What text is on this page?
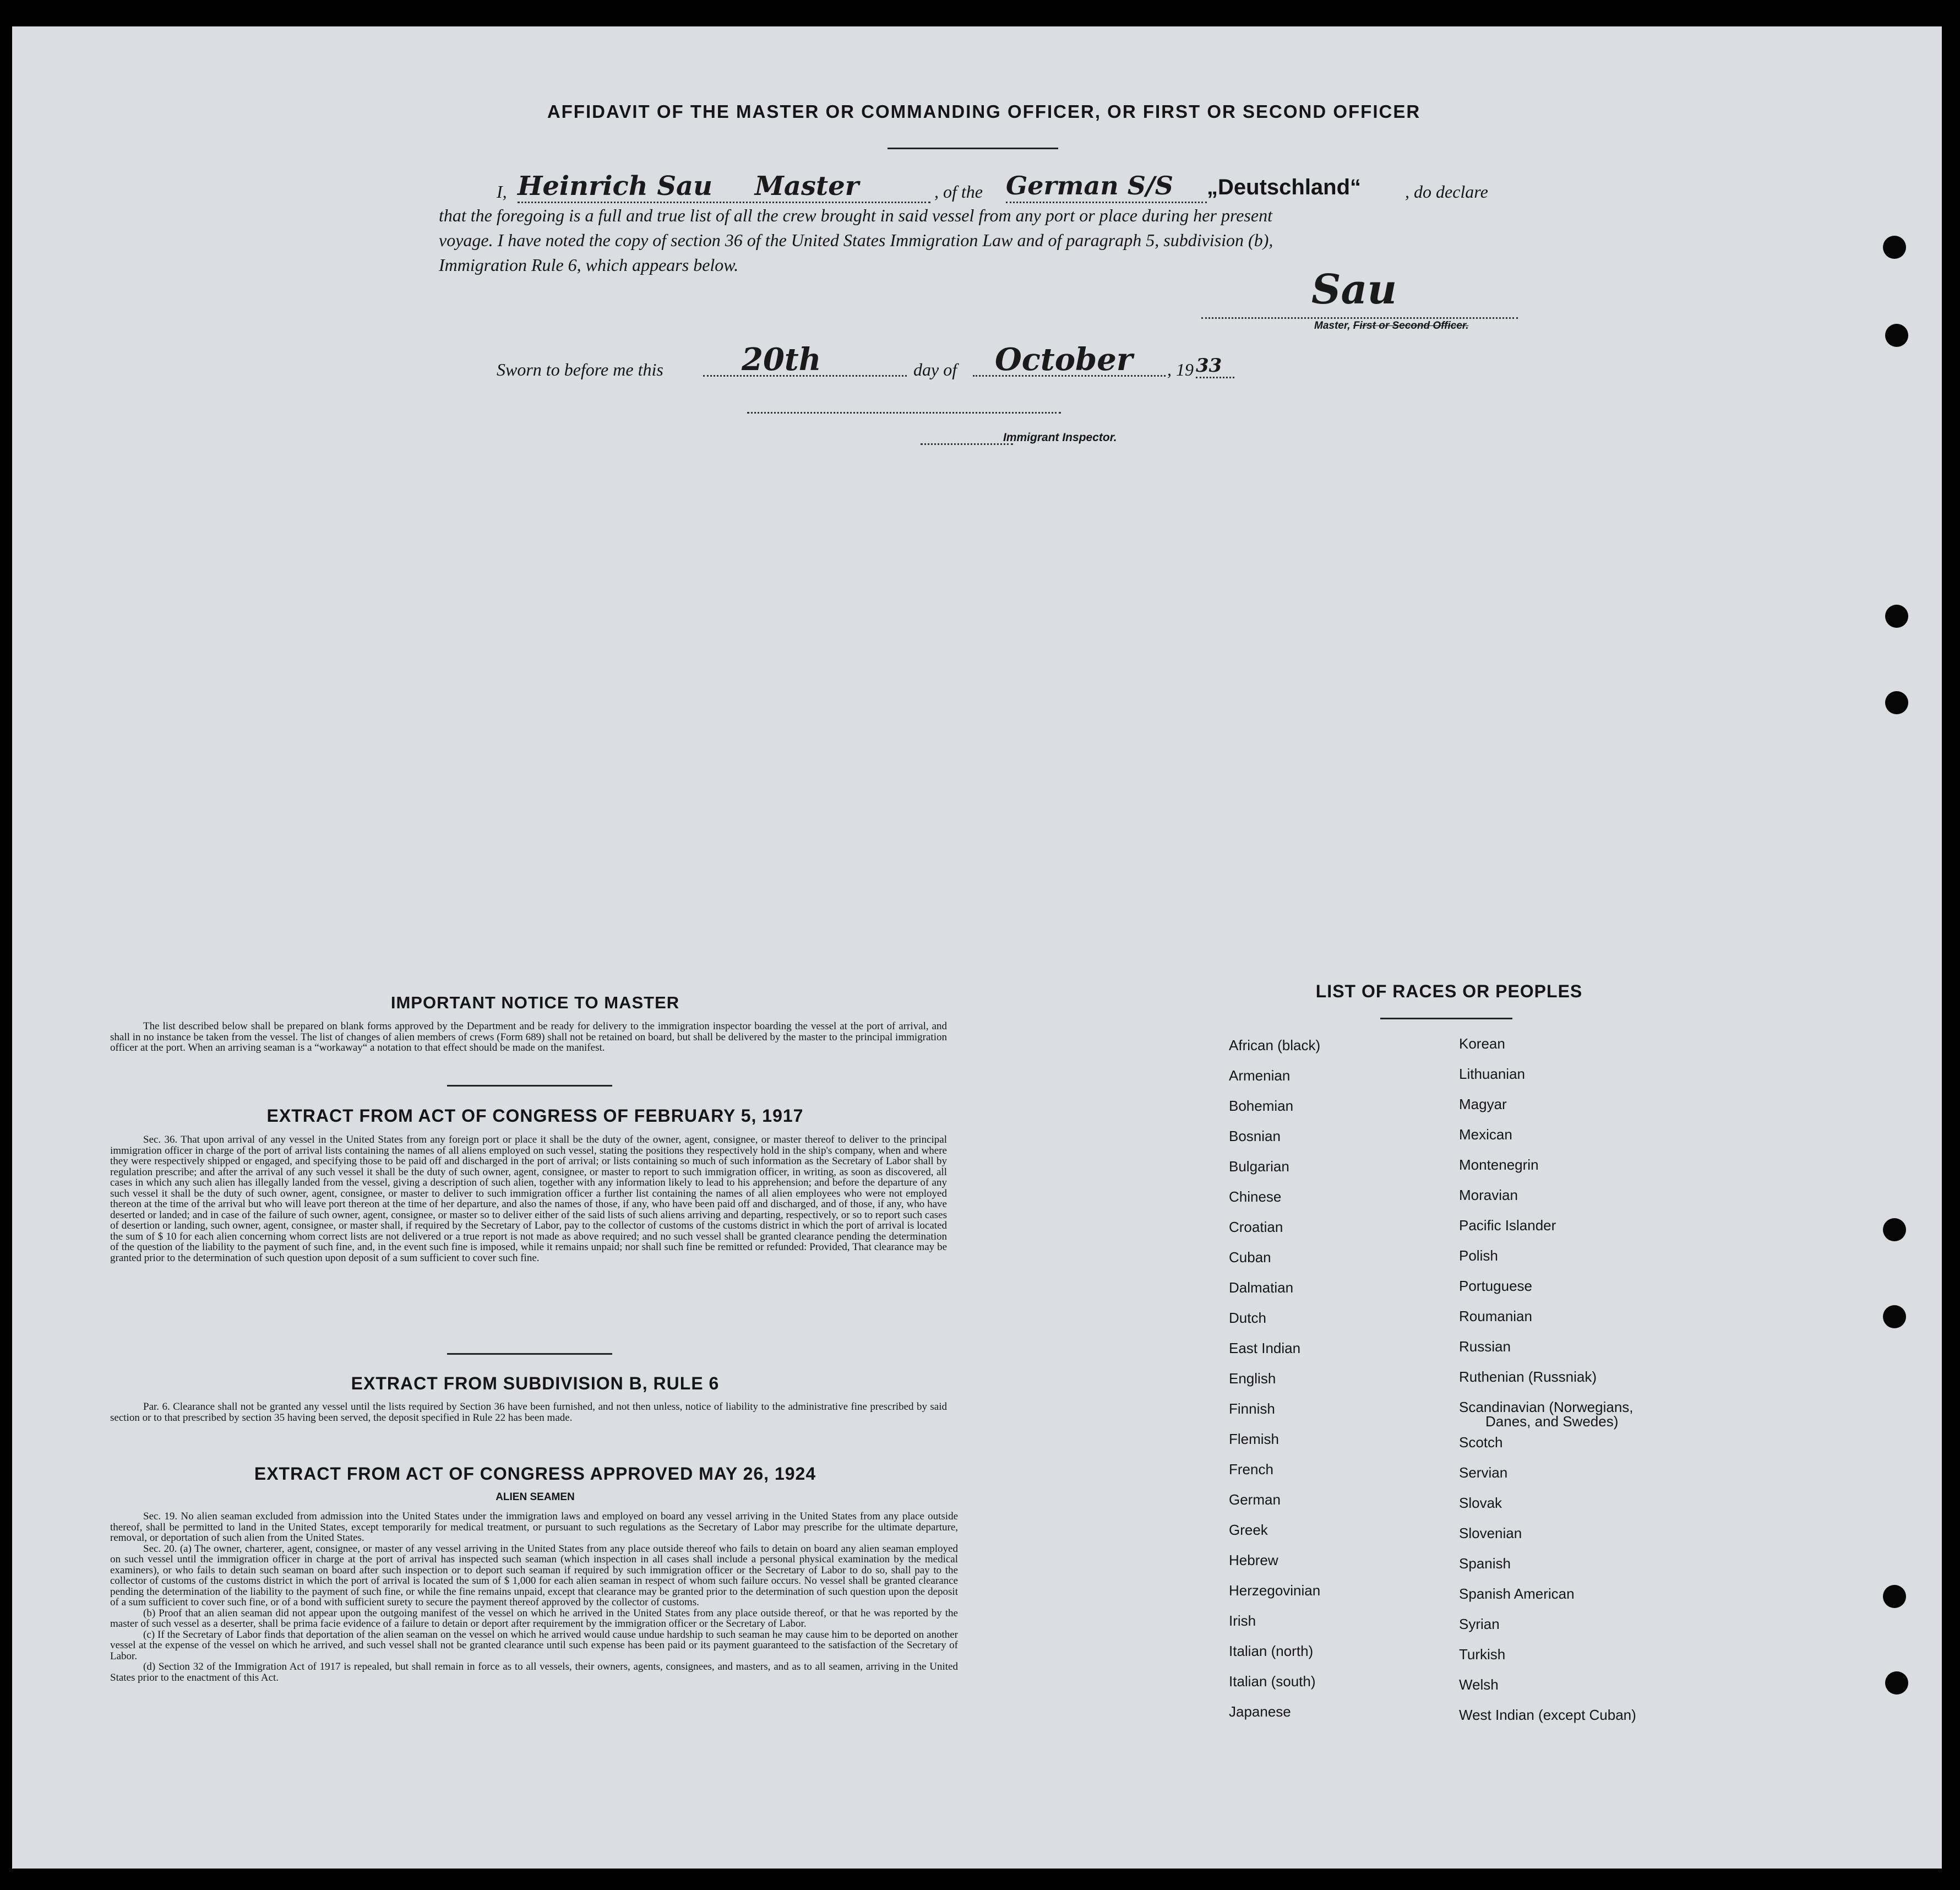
AFFIDAVIT OF THE MASTER OR COMMANDING OFFICER, OR FIRST OR SECOND OFFICER
I, Heinrich Sau Master	, of the German S/S	„Deutschland“ , do declare
that the foregoing is a full and true list of all the crew brought in said vessel from any port or place during her present
voyage. I have noted the copy of section 36 of the United States Immigration Law and of paragraph 5, subdivision (b),
Immigration Rule 6, which appears below.
Sau
Master, First or Second Officer.
Sworn to before me this	20th	day of	October	, 19 33
Immigrant Inspector.
IMPORTANT NOTICE TO MASTER
The list described below shall be prepared on blank forms approved by the Department and be ready for delivery to the immigration inspector boarding the vessel at the port of arrival, and shall in no instance be taken from the vessel. The list of changes of alien members of crews (Form 689) shall not be retained on board, but shall be delivered by the master to the principal immigration officer at the port. When an arriving seaman is a “workaway“ a notation to that effect should be made on the manifest.
EXTRACT FROM ACT OF CONGRESS OF FEBRUARY 5, 1917
Sec. 36. That upon arrival of any vessel in the United States from any foreign port or place it shall be the duty of the owner, agent, consignee, or master thereof to deliver to the principal immigration officer in charge of the port of arrival lists containing the names of all aliens employed on such vessel, stating the positions they respectively hold in the ship's company, when and where they were respectively shipped or engaged, and specifying those to be paid off and discharged in the port of arrival; or lists containing so much of such information as the Secretary of Labor shall by regulation prescribe; and after the arrival of any such vessel it shall be the duty of such owner, agent, consignee, or master to report to such immigration officer, in writing, as soon as discovered, all cases in which any such alien has illegally landed from the vessel, giving a description of such alien, together with any information likely to lead to his apprehension; and before the departure of any such vessel it shall be the duty of such owner, agent, consignee, or master to deliver to such immigration officer a further list containing the names of all alien employees who were not employed thereon at the time of the arrival but who will leave port thereon at the time of her departure, and also the names of those, if any, who have been paid off and discharged, and of those, if any, who have deserted or landed; and in case of the failure of such owner, agent, consignee, or master so to deliver either of the said lists of such aliens arriving and departing, respectively, or so to report such cases of desertion or landing, such owner, agent, consignee, or master shall, if required by the Secretary of Labor, pay to the collector of customs of the customs district in which the port of arrival is located the sum of $ 10 for each alien concerning whom correct lists are not delivered or a true report is not made as above required; and no such vessel shall be granted clearance pending the determination of the question of the liability to the payment of such fine, and, in the event such fine is imposed, while it remains unpaid; nor shall such fine be remitted or refunded: Provided, That clearance may be granted prior to the determination of such question upon deposit of a sum sufficient to cover such fine.
EXTRACT FROM SUBDIVISION B, RULE 6
Par. 6. Clearance shall not be granted any vessel until the lists required by Section 36 have been furnished, and not then unless, notice of liability to the administrative fine prescribed by said section or to that prescribed by section 35 having been served, the deposit specified in Rule 22 has been made.
EXTRACT FROM ACT OF CONGRESS APPROVED MAY 26, 1924
ALIEN SEAMEN

Sec. 19. No alien seaman excluded from admission into the United States under the immigration laws and employed on board any vessel arriving in the United States from any place outside thereof, shall be permitted to land in the United States, except temporarily for medical treatment, or pursuant to such regulations as the Secretary of Labor may prescribe for the ultimate departure, removal, or deportation of such alien from the United States.

Sec. 20. (a) The owner, charterer, agent, consignee, or master of any vessel arriving in the United States from any place outside thereof who fails to detain on board any alien seaman employed on such vessel until the immigration officer in charge at the port of arrival has inspected such seaman (which inspection in all cases shall include a personal physical examination by the medical examiners), or who fails to detain such seaman on board after such inspection or to deport such seaman if required by such immigration officer or the Secretary of Labor to do so, shall pay to the collector of customs of the customs district in which the port of arrival is located the sum of $ 1,000 for each alien seaman in respect of whom such failure occurs. No vessel shall be granted clearance pending the determination of the liability to the payment of such fine, or while the fine remains unpaid, except that clearance may be granted prior to the determination of such question upon the deposit of a sum sufficient to cover such fine, or of a bond with sufficient surety to secure the payment thereof approved by the collector of customs.

(b) Proof that an alien seaman did not appear upon the outgoing manifest of the vessel on which he arrived in the United States from any place outside thereof, or that he was reported by the master of such vessel as a deserter, shall be prima facie evidence of a failure to detain or deport after requirement by the immigration officer or the Secretary of Labor.

(c) If the Secretary of Labor finds that deportation of the alien seaman on the vessel on which he arrived would cause undue hardship to such seaman he may cause him to be deported on another vessel at the expense of the vessel on which he arrived, and such vessel shall not be granted clearance until such expense has been paid or its payment guaranteed to the satisfaction of the Secretary of Labor.

(d) Section 32 of the Immigration Act of 1917 is repealed, but shall remain in force as to all vessels, their owners, agents, consignees, and masters, and as to all seamen, arriving in the United States prior to the enactment of this Act.

LIST OF RACES OR PEOPLES
African (black)
Armenian
Bohemian
Bosnian
Bulgarian
Chinese
Croatian
Cuban
Dalmatian
Dutch
East Indian
English
Finnish
Flemish
French
German
Greek
Hebrew
Herzegovinian
Irish
Italian (north)
Italian (south)
Japanese
Korean
Lithuanian
Magyar
Mexican
Montenegrin
Moravian
Pacific Islander
Polish
Portuguese
Roumanian
Russian
Ruthenian (Russniak)
Scandinavian (Norwegians,
Danes, and Swedes)
Scotch
Servian
Slovak
Slovenian
Spanish
Spanish American
Syrian
Turkish
Welsh
West Indian (except Cuban)
